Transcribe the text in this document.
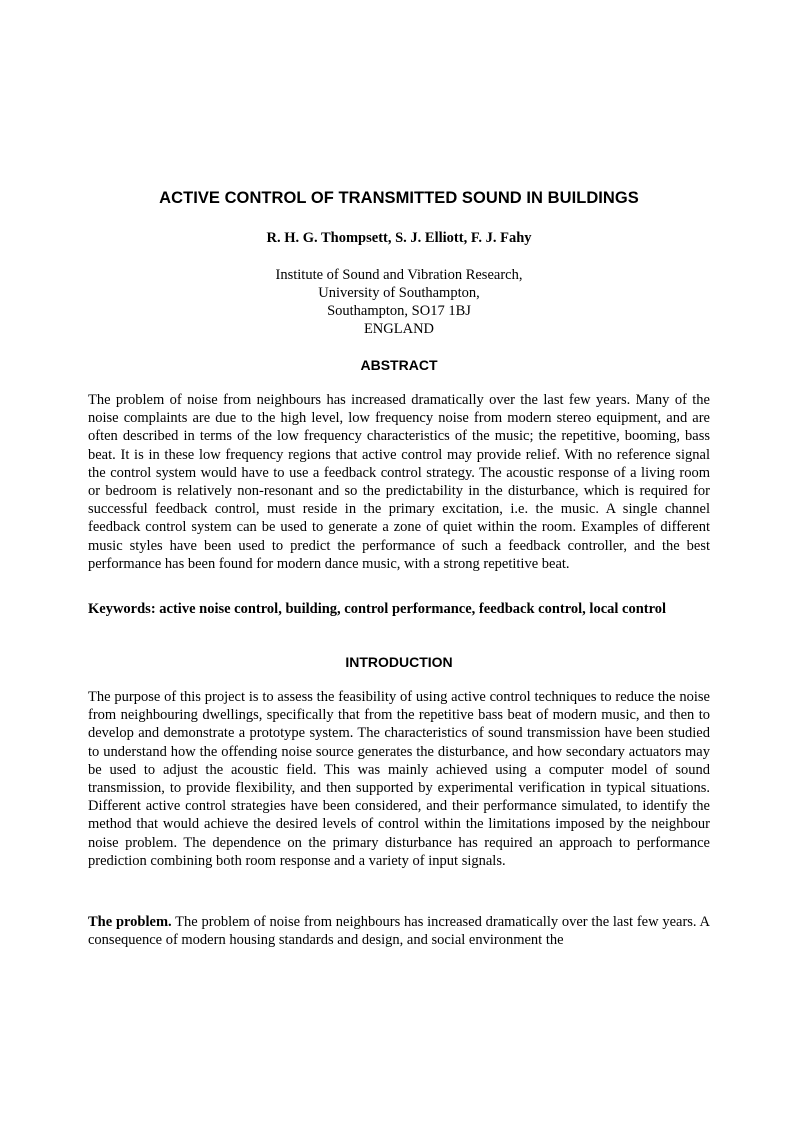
ACTIVE CONTROL OF TRANSMITTED SOUND IN BUILDINGS

R. H. G. Thompsett, S. J. Elliott, F. J. Fahy

Institute of Sound and Vibration Research,
University of Southampton,
Southampton, SO17 1BJ
ENGLAND
ABSTRACT

The problem of noise from neighbours has increased dramatically over the last few years. Many of the noise complaints are due to the high level, low frequency noise from modern stereo equipment, and are often described in terms of the low frequency characteristics of the music; the repetitive, booming, bass beat. It is in these low frequency regions that active control may provide relief. With no reference signal the control system would have to use a feedback control strategy. The acoustic response of a living room or bedroom is relatively non-resonant and so the predictability in the disturbance, which is required for successful feedback control, must reside in the primary excitation, i.e. the music. A single channel feedback control system can be used to generate a zone of quiet within the room. Examples of different music styles have been used to predict the performance of such a feedback controller, and the best performance has been found for modern dance music, with a strong repetitive beat.

Keywords: active noise control, building, control performance, feedback control, local control

INTRODUCTION

The purpose of this project is to assess the feasibility of using active control techniques to reduce the noise from neighbouring dwellings, specifically that from the repetitive bass beat of modern music, and then to develop and demonstrate a prototype system. The characteristics of sound transmission have been studied to understand how the offending noise source generates the disturbance, and how secondary actuators may be used to adjust the acoustic field. This was mainly achieved using a computer model of sound transmission, to provide flexibility, and then supported by experimental verification in typical situations. Different active control strategies have been considered, and their performance simulated, to identify the method that would achieve the desired levels of control within the limitations imposed by the neighbour noise problem. The dependence on the primary disturbance has required an approach to performance prediction combining both room response and a variety of input signals.

The problem. The problem of noise from neighbours has increased dramatically over the last few years. A consequence of modern housing standards and design, and social environment the
